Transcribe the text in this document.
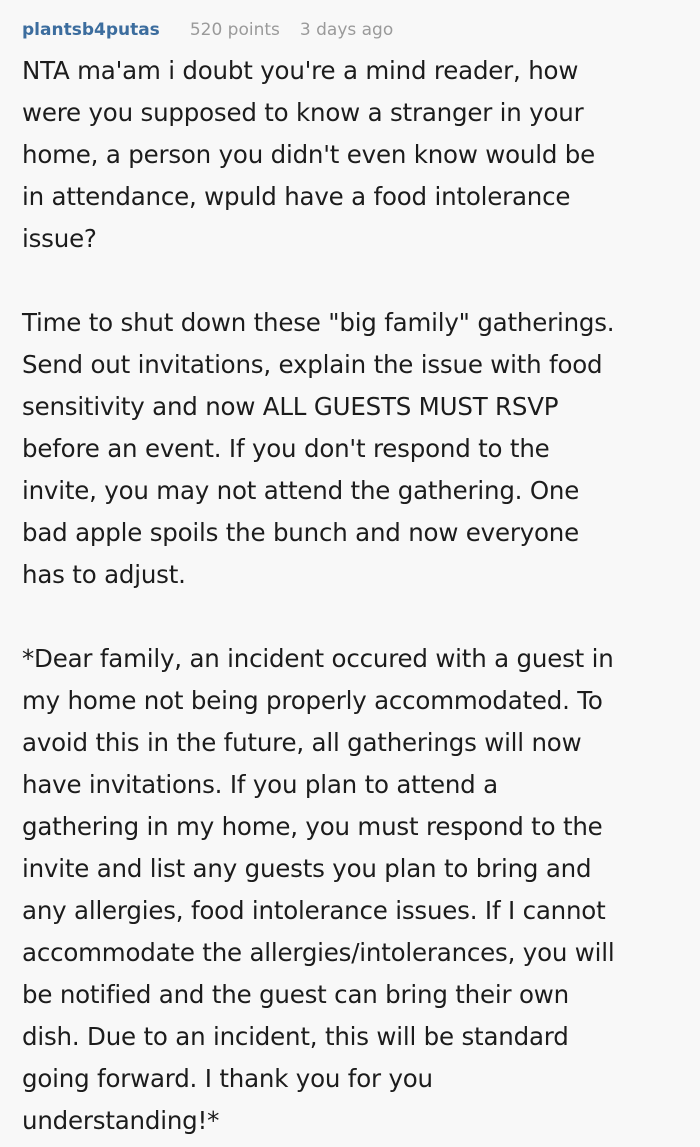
plantsb4putas 520 points 3 days ago
NTA ma'am i doubt you're a mind reader, how
were you supposed to know a stranger in your
home, a person you didn't even know would be
in attendance, wpuld have a food intolerance
issue?
Time to shut down these "big family" gatherings.
Send out invitations, explain the issue with food
sensitivity and now ALL GUESTS MUST RSVP
before an event. If you don't respond to the
invite, you may not attend the gathering. One
bad apple spoils the bunch and now everyone
has to adjust.
*Dear family, an incident occured with a guest in
my home not being properly accommodated. To
avoid this in the future, all gatherings will now
have invitations. If you plan to attend a
gathering in my home, you must respond to the
invite and list any guests you plan to bring and
any allergies, food intolerance issues. If I cannot
accommodate the allergies/intolerances, you will
be notified and the guest can bring their own
dish. Due to an incident, this will be standard
going forward. I thank you for you
understanding!*
